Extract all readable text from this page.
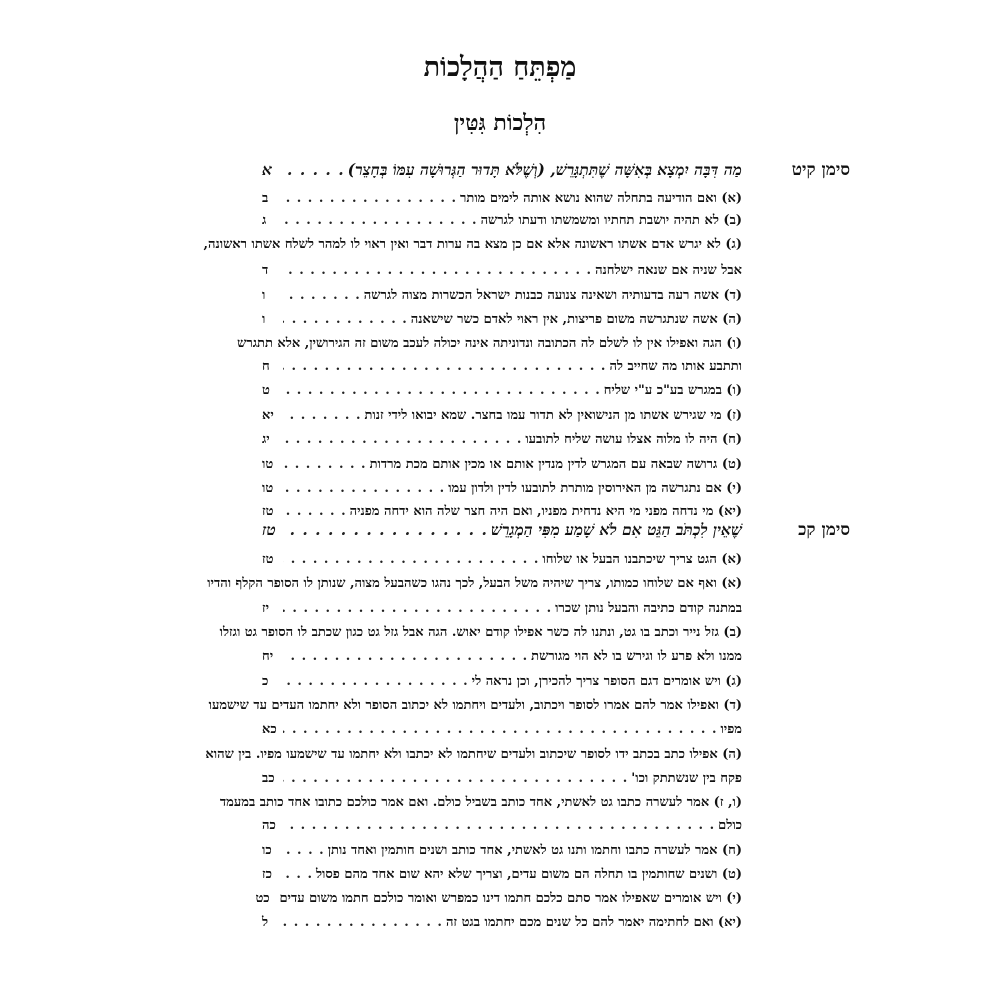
מַפְתֵּחַ הַהֲלָכוֹת
הִלְכוֹת גִּטִּין
סימן קיט
סימן קכ
מַה דִּבָּה יִמְצָא בְּאִשָּׁה שֶׁתִּתְגָּרֵשׁ, (וְשֶׁלֹּא תָּדוּר הַגְּרוּשָׁה עִמּוֹ בְּחָצֵר)
. . .
א
(א) ואם הודיעה בתחלה שהוא נושא אותה לימים מותר
. . .
ב
(ב) לא תהיה יושבת תחתיו ומשמשתו ודעתו לגרשה
. . .
ג
(ג) לא יגרש אדם אשתו ראשונה אלא אם כן מצא בה ערות דבר ואין ראוי לו למהר לשלח אשתו ראשונה,
אבל שניה אם שנאה ישלחנה
. . .
ד
(ד) אשה רעה בדעותיה ושאינה צנועה כבנות ישראל הכשרות מצוה לגרשה
. . .
ו
(ה) אשה שנתגרשה משום פריצות, אין ראוי לאדם כשר שישאנה
. . .
ו
(ו) הגה ואפילו אין לו לשלם לה הכתובה ונדוניתה אינה יכולה לעכב משום זה הגירושין, אלא תתגרש
ותתבע אותו מה שחייב לה
. . .
ח
(ו) במגרש בע"כ ע"י שליח
. . .
ט
(ז) מי שגירש אשתו מן הנישואין לא תדור עמו בחצר. שמא יבואו לידי זנות
. . .
יא
(ח) היה לו מלוה אצלו עושה שליח לתובעו
. . .
יג
(ט) גרושה שבאה עם המגרש לדין מנדין אותם או מכין אותם מכת מרדות
. . .
טו
(י) אם נתגרשה מן האירוסין מותרת לתובעו לדין ולדון עמו
. . .
טו
(יא) מי נדחה מפני מי היא נדחית מפניו, ואם היה חצר שלה הוא ידחה מפניה
. . .
טז
שֶׁאֵין לִכְתֹּב הַגֵּט אִם לֹא שָׁמַע מִפִּי הַמְגָרֵשׁ
. . .
טז
(א) הגט צריך שיכתבנו הבעל או שלוחו
. . .
טז
(א) ואף אם שלוחו כמותו, צריך שיהיה משל הבעל, לכך נהגו כשהבעל מצוה, שנותן לו הסופר הקלף והדיו
במתנה קודם כתיבה והבעל נותן שכרו
. . .
יז
(ב) גזל נייר וכתב בו גט, ונתנו לה כשר אפילו קודם יאוש. הגה אבל גזל גט כגון שכתב לו הסופר גט וגזלו
ממנו ולא פרע לו וגירש בו לא הוי מגורשת
. . .
יח
(ג) ויש אומרים דגם הסופר צריך להכירן, וכן נראה לי
. . .
כ
(ד) ואפילו אמר להם אמרו לסופר ויכתוב, ולעדים ויחתמו לא יכתוב הסופר ולא יחתמו העדים עד שישמעו
מפיו
. . .
כא
(ה) אפילו כתב בכתב ידו לסופר שיכתוב ולעדים שיחתמו לא יכתבו ולא יחתמו עד שישמעו מפיו. בין שהוא
פקח בין שנשתתק וכו'
. . .
כב
(ו, ז) אמר לעשרה כתבו גט לאשתי, אחד כותב בשביל כולם. ואם אמר כולכם כתובו אחד כותב במעמד
כולם
. . .
כה
(ח) אמר לעשרה כתבו וחתמו ותנו גט לאשתי, אחד כותב ושנים חותמין ואחד נותן
. . .
כו
(ט) ושנים שחותמין בו תחלה הם משום עדים, וצריך שלא יהא שום אחד מהם פסול
. . .
כז
(י) ויש אומרים שאפילו אמר סתם כלכם חתמו דינו כמפרש ואומר כולכם חתמו משום עדים
כט
(יא) ואם לחתימה יאמר להם כל שנים מכם יחתמו בגט זה
. . .
ל
